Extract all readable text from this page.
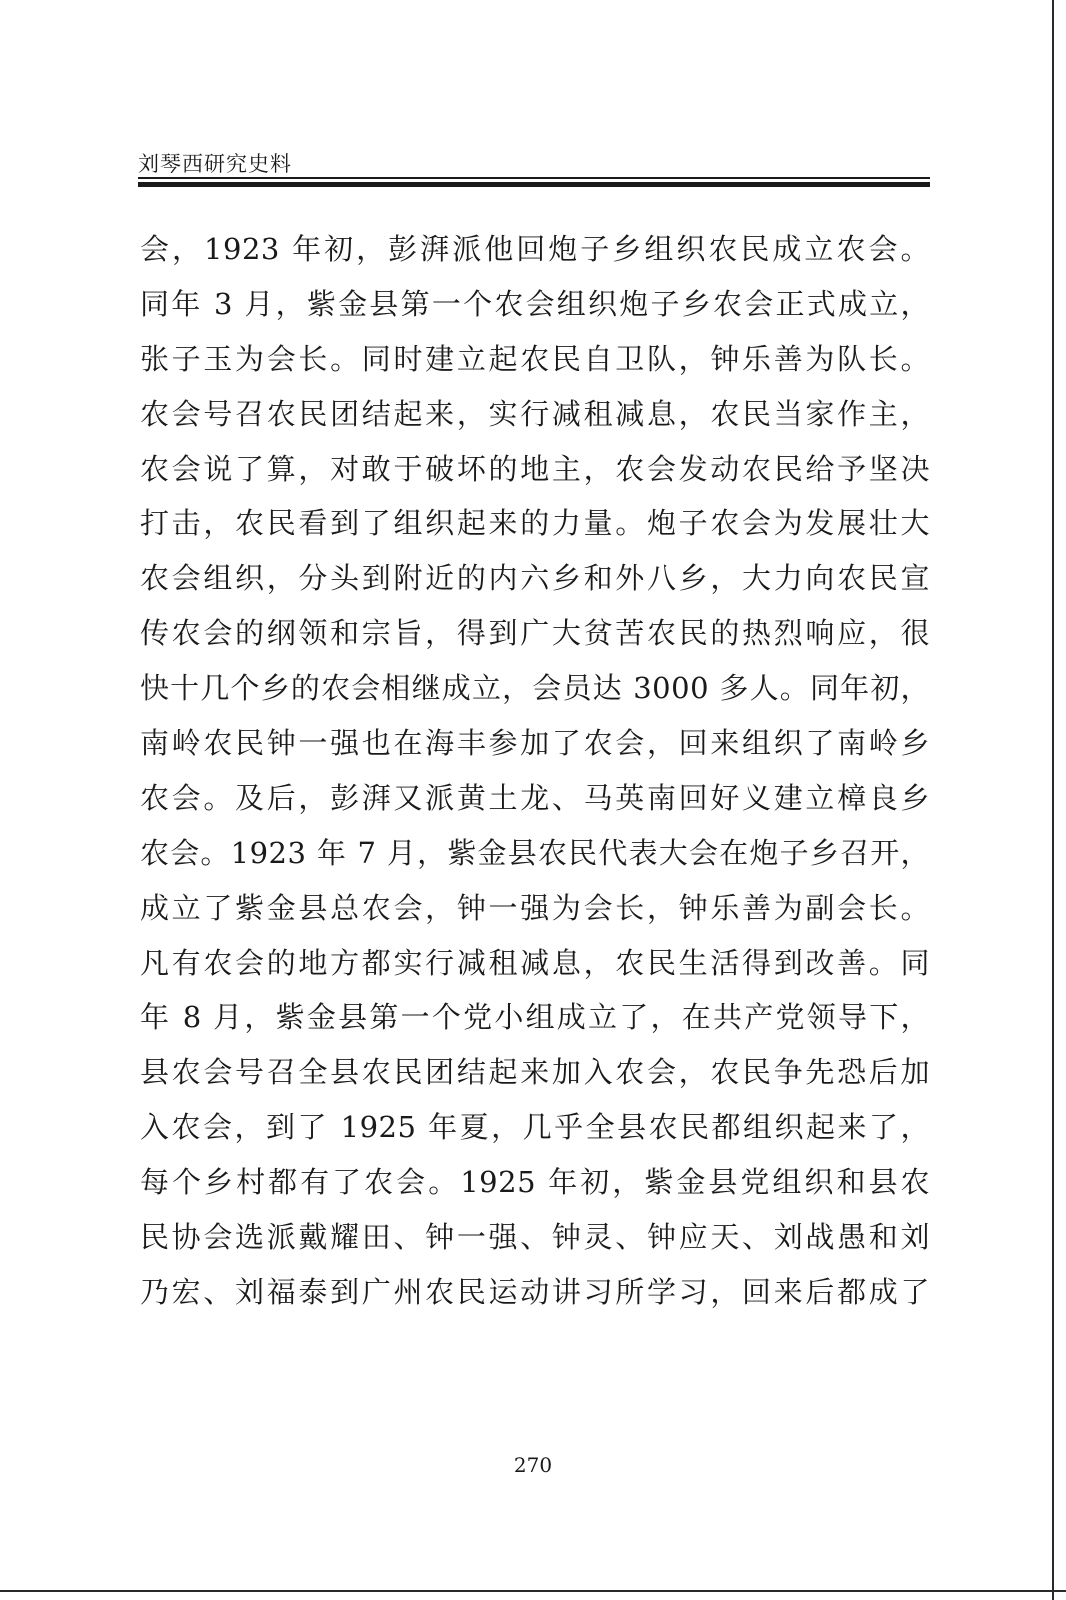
刘琴西研究史料
会，1923 年初，彭湃派他回炮子乡组织农民成立农会。
同年 3 月，紫金县第一个农会组织炮子乡农会正式成立，
张子玉为会长。同时建立起农民自卫队，钟乐善为队长。
农会号召农民团结起来，实行减租减息，农民当家作主，
农会说了算，对敢于破坏的地主，农会发动农民给予坚决
打击，农民看到了组织起来的力量。炮子农会为发展壮大
农会组织，分头到附近的内六乡和外八乡，大力向农民宣
传农会的纲领和宗旨，得到广大贫苦农民的热烈响应，很
快十几个乡的农会相继成立，会员达 3000 多人。同年初，
南岭农民钟一强也在海丰参加了农会，回来组织了南岭乡
农会。及后，彭湃又派黄土龙、马英南回好义建立樟良乡
农会。1923 年 7 月，紫金县农民代表大会在炮子乡召开，
成立了紫金县总农会，钟一强为会长，钟乐善为副会长。
凡有农会的地方都实行减租减息，农民生活得到改善。同
年 8 月，紫金县第一个党小组成立了，在共产党领导下，
县农会号召全县农民团结起来加入农会，农民争先恐后加
入农会，到了 1925 年夏，几乎全县农民都组织起来了，
每个乡村都有了农会。1925 年初，紫金县党组织和县农
民协会选派戴耀田、钟一强、钟灵、钟应天、刘战愚和刘
乃宏、刘福泰到广州农民运动讲习所学习，回来后都成了
270
